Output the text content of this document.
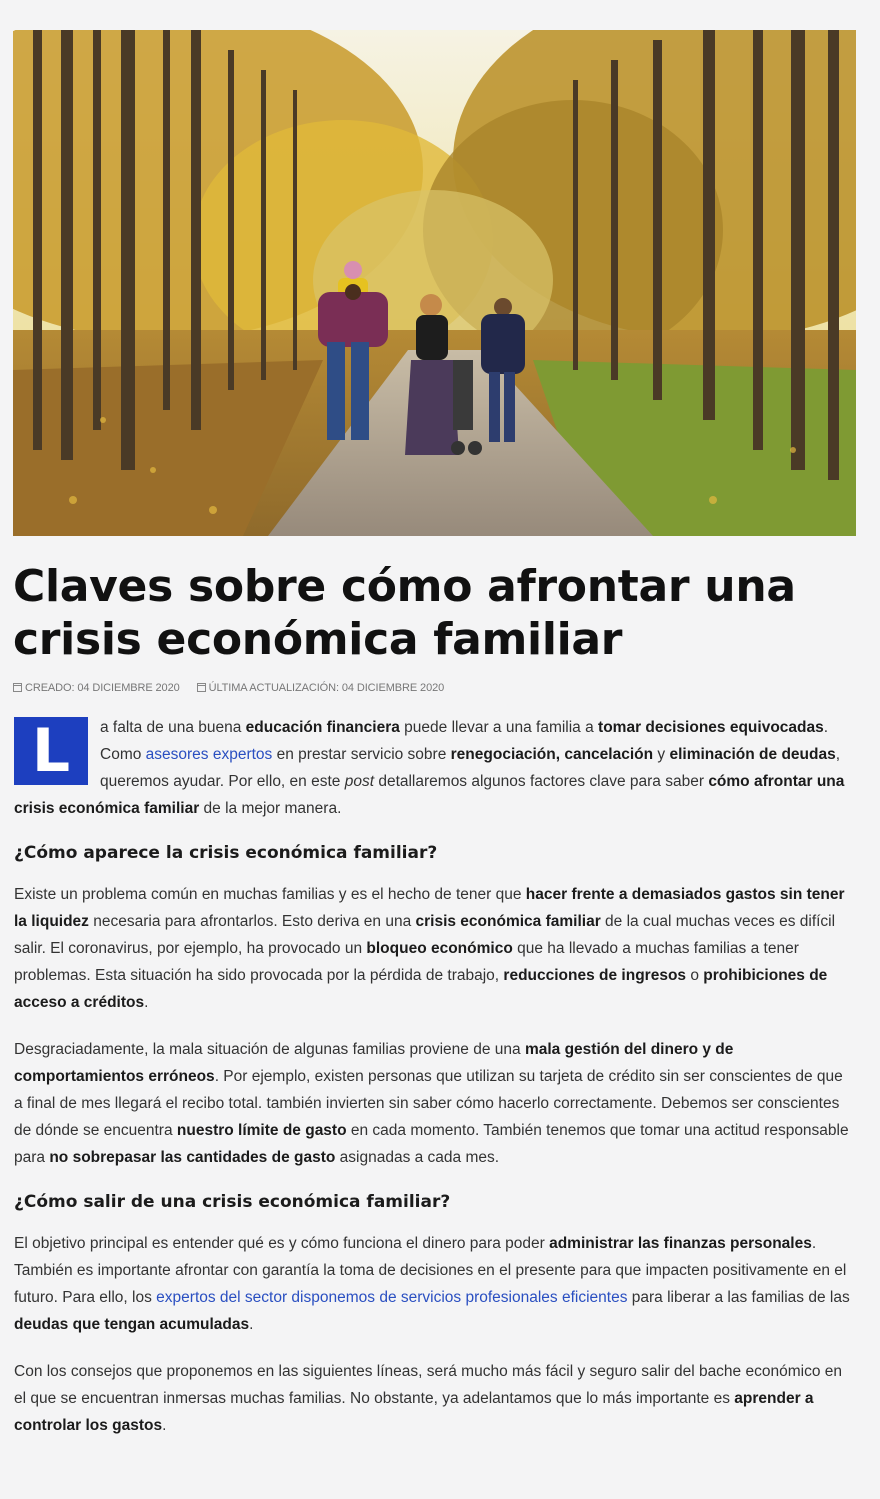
Claves sobre cómo afrontar una crisis económica familiar
CREADO: 04 DICIEMBRE 2020	ÚLTIMA ACTUALIZACIÓN: 04 DICIEMBRE 2020

L	a falta de una buena educación financiera puede llevar a una familia a tomar decisiones equivocadas. Como asesores expertos en prestar servicio sobre renegociación, cancelación y eliminación de deudas, queremos ayudar. Por ello, en este post detallaremos algunos factores clave para saber cómo afrontar una crisis económica familiar de la mejor manera.

¿Cómo aparece la crisis económica familiar?

Existe un problema común en muchas familias y es el hecho de tener que hacer frente a demasiados gastos sin tener la liquidez necesaria para afrontarlos. Esto deriva en una crisis económica familiar de la cual muchas veces es difícil salir. El coronavirus, por ejemplo, ha provocado un bloqueo económico que ha llevado a muchas familias a tener problemas. Esta situación ha sido provocada por la pérdida de trabajo, reducciones de ingresos o prohibiciones de acceso a créditos.

Desgraciadamente, la mala situación de algunas familias proviene de una mala gestión del dinero y de comportamientos erróneos. Por ejemplo, existen personas que utilizan su tarjeta de crédito sin ser conscientes de que a final de mes llegará el recibo total. también invierten sin saber cómo hacerlo correctamente. Debemos ser conscientes de dónde se encuentra nuestro límite de gasto en cada momento. También tenemos que tomar una actitud responsable para no sobrepasar las cantidades de gasto asignadas a cada mes.

¿Cómo salir de una crisis económica familiar?

El objetivo principal es entender qué es y cómo funciona el dinero para poder administrar las finanzas personales. También es importante afrontar con garantía la toma de decisiones en el presente para que impacten positivamente en el futuro. Para ello, los expertos del sector disponemos de servicios profesionales eficientes para liberar a las familias de las deudas que tengan acumuladas.

Con los consejos que proponemos en las siguientes líneas, será mucho más fácil y seguro salir del bache económico en el que se encuentran inmersas muchas familias. No obstante, ya adelantamos que lo más importante es aprender a controlar los gastos.
